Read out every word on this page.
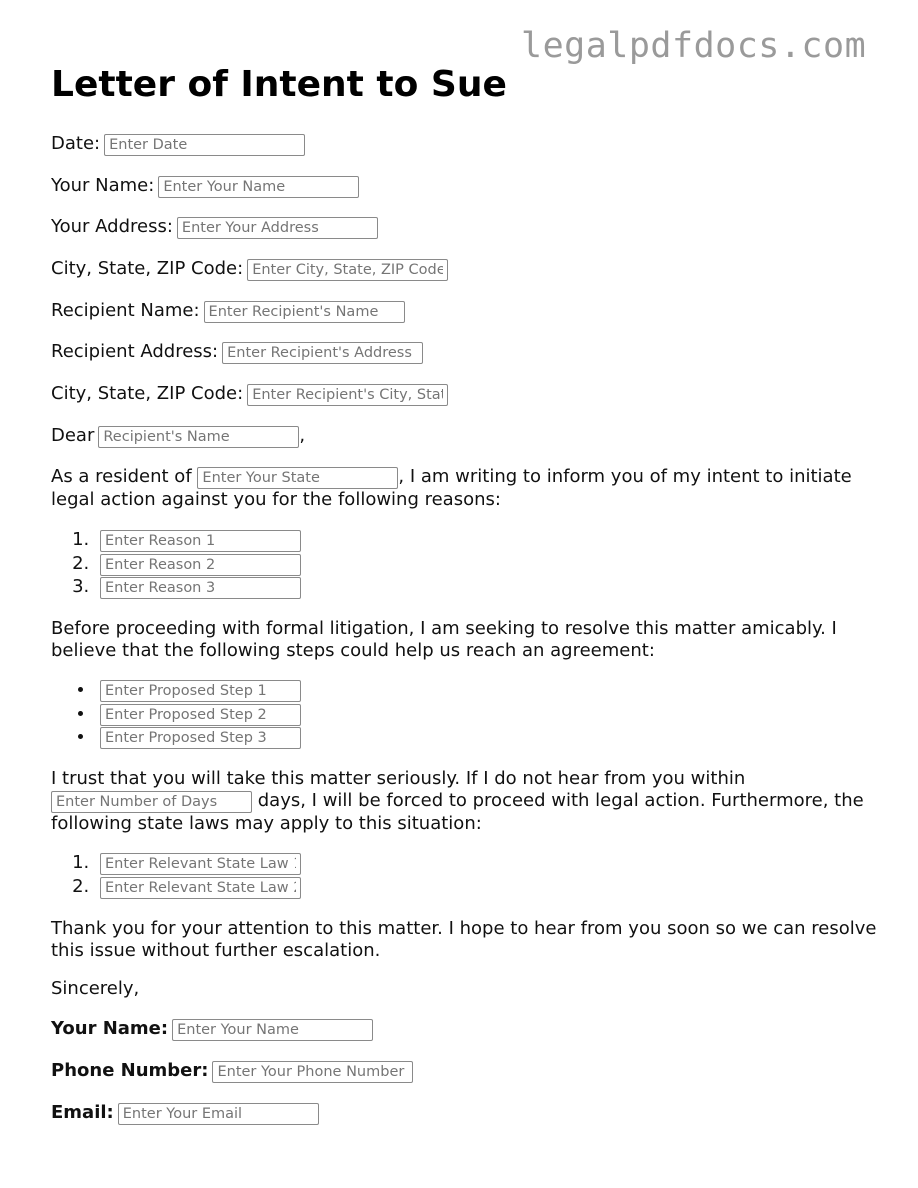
legalpdfdocs.com
Letter of Intent to Sue
Date:Enter Date
Your Name:Enter Your Name
Your Address:Enter Your Address
City, State, ZIP Code:Enter City, State, ZIP Code
Recipient Name:Enter Recipient's Name
Recipient Address:Enter Recipient's Address
City, State, ZIP Code:Enter Recipient's City, State, ZIP Code
DearRecipient's Name	,
As a resident of Enter Your State	, I am writing to inform you of my intent to initiate legal action against you for the following reasons:
1. Enter Reason 1
2. Enter Reason 2
3. Enter Reason 3
Before proceeding with formal litigation, I am seeking to resolve this matter amicably. I believe that the following steps could help us reach an agreement:
• Enter Proposed Step 1
• Enter Proposed Step 2
• Enter Proposed Step 3
I trust that you will take this matter seriously. If I do not hear from you within
Enter Number of Days days, I will be forced to proceed with legal action. Furthermore, the following state laws may apply to this situation:
1. Enter Relevant State Law 1
2. Enter Relevant State Law 2
Thank you for your attention to this matter. I hope to hear from you soon so we can resolve this issue without further escalation.
Sincerely,
Your Name:Enter Your Name
Phone Number:Enter Your Phone Number
Email:Enter Your Email
